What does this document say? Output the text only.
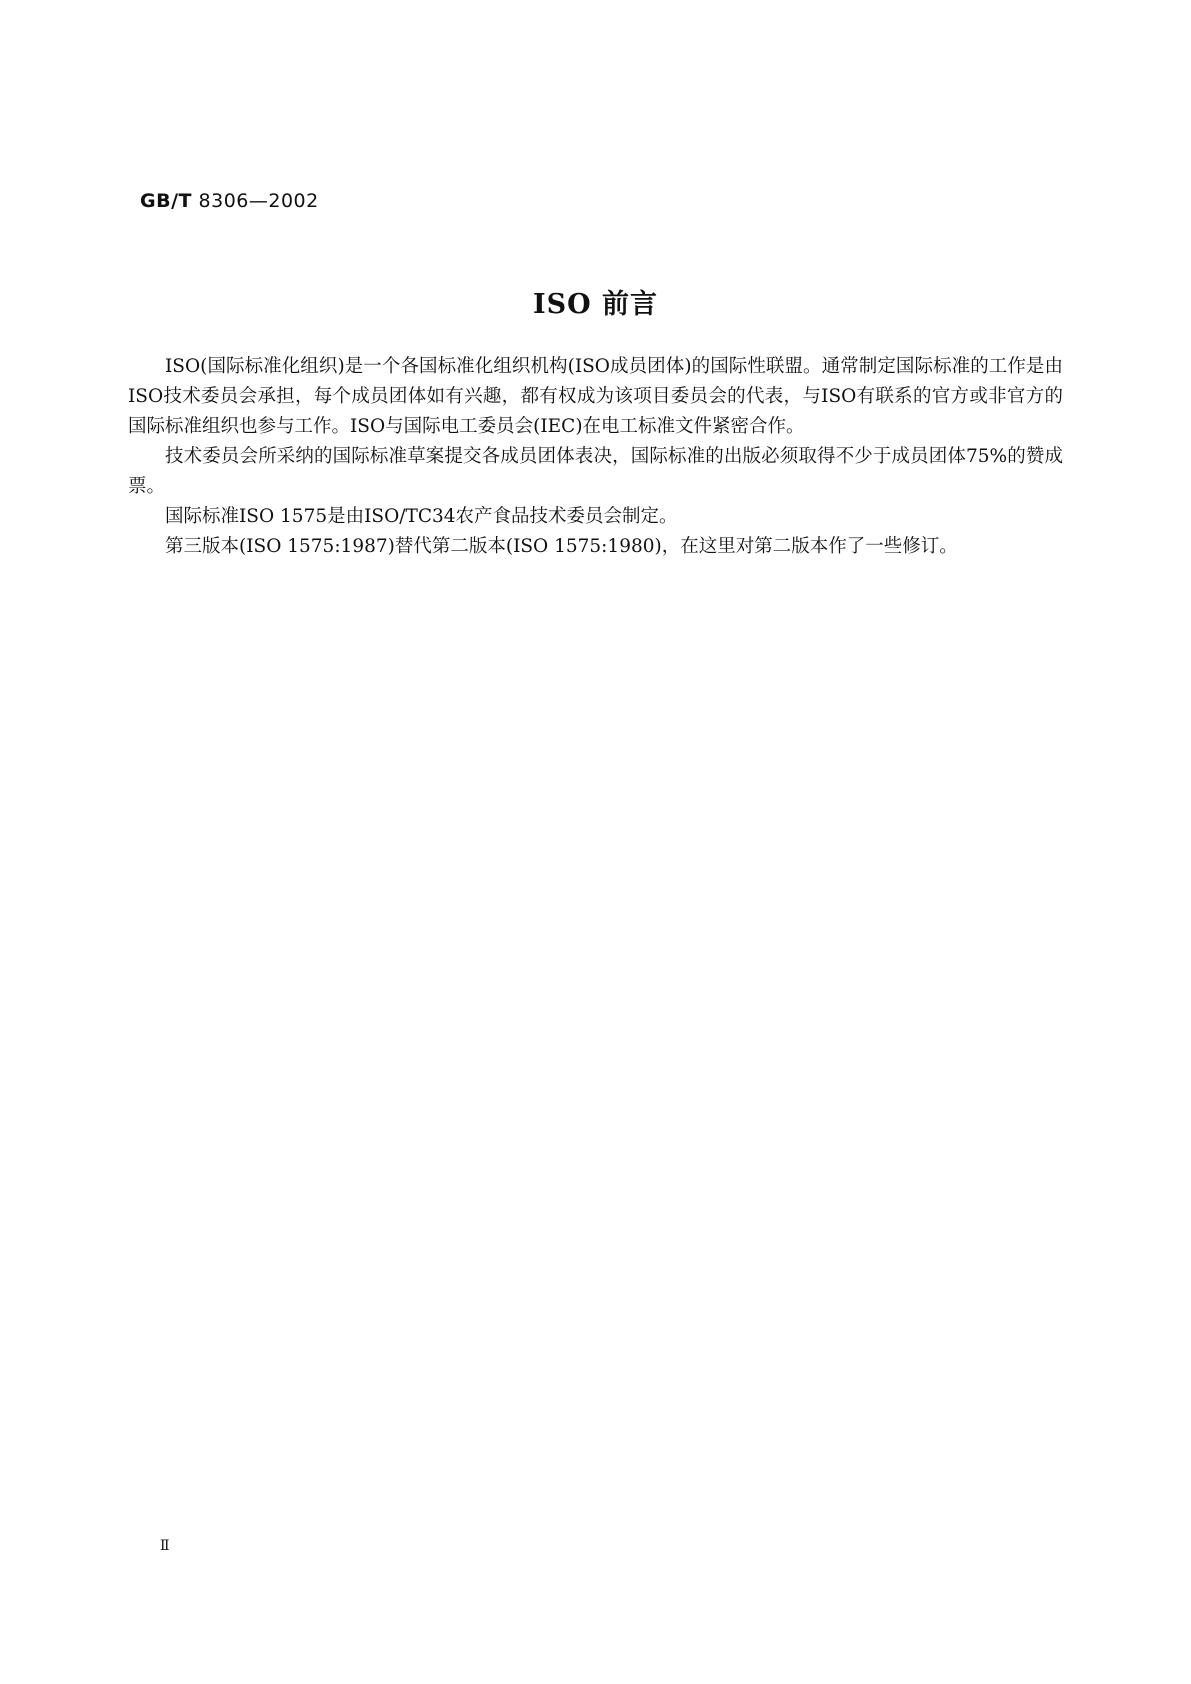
GB/T 8306—2002
ISO 前言

ISO(国际标准化组织)是一个各国标准化组织机构(ISO成员团体)的国际性联盟。通常制定国际标准的工作是由ISO技术委员会承担，每个成员团体如有兴趣，都有权成为该项目委员会的代表，与ISO有联系的官方或非官方的国际标准组织也参与工作。ISO与国际电工委员会(IEC)在电工标准文件紧密合作。

技术委员会所采纳的国际标准草案提交各成员团体表决，国际标准的出版必须取得不少于成员团体75%的赞成票。

国际标准ISO 1575是由ISO/TC34农产食品技术委员会制定。

第三版本(ISO 1575:1987)替代第二版本(ISO 1575:1980)，在这里对第二版本作了一些修订。

Ⅱ
